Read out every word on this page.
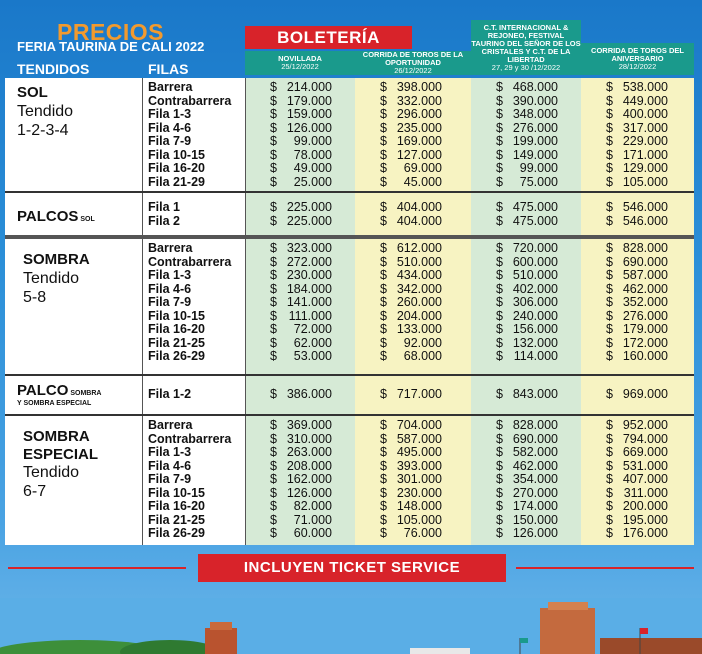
PRECIOS
FERIA TAURINA DE CALI 2022
TENDIDOS	FILAS
BOLETERÍA
NOVILLADA
25/12/2022
CORRIDA DE TOROS DE LA OPORTUNIDAD
26/12/2022
C.T. INTERNACIONAL & REJONEO, FESTIVAL TAURINO DEL SEÑOR DE LOS CRISTALES Y C.T. DE LA LIBERTAD
27, 29 y 30 /12/2022
CORRIDA DE TOROS DEL ANIVERSARIO
28/12/2022
SOL
Tendido
1-2-3-4
Barrera	$ 214.000	$ 398.000	$ 468.000	$ 538.000
Contrabarrera	$ 179.000	$ 332.000	$ 390.000	$ 449.000
Fila 1-3	$ 159.000	$ 296.000	$ 348.000	$ 400.000
Fila 4-6	$ 126.000	$ 235.000	$ 276.000	$ 317.000
Fila 7-9	$ 99.000	$ 169.000	$ 199.000	$ 229.000
Fila 10-15	$ 78.000	$ 127.000	$ 149.000	$ 171.000
Fila 16-20	$ 49.000	$ 69.000	$ 99.000	$ 129.000
Fila 21-29	$ 25.000	$ 45.000	$ 75.000	$ 105.000
PALCOS SOL
Fila 1	$ 225.000	$ 404.000	$ 475.000	$ 546.000
Fila 2	$ 225.000	$ 404.000	$ 475.000	$ 546.000
SOMBRA
Tendido
5-8
Barrera	$ 323.000	$ 612.000	$ 720.000	$ 828.000
Contrabarrera	$ 272.000	$ 510.000	$ 600.000	$ 690.000
Fila 1-3	$ 230.000	$ 434.000	$ 510.000	$ 587.000
Fila 4-6	$ 184.000	$ 342.000	$ 402.000	$ 462.000
Fila 7-9	$ 141.000	$ 260.000	$ 306.000	$ 352.000
Fila 10-15	$ 111.000	$ 204.000	$ 240.000	$ 276.000
Fila 16-20	$ 72.000	$ 133.000	$ 156.000	$ 179.000
Fila 21-25	$ 62.000	$ 92.000	$ 132.000	$ 172.000
Fila 26-29	$ 53.000	$ 68.000	$ 114.000	$ 160.000
PALCO SOMBRA
Y SOMBRA ESPECIAL
Fila 1-2	$ 386.000	$ 717.000	$ 843.000	$ 969.000
SOMBRA
ESPECIAL
Tendido
6-7
Barrera	$ 369.000	$ 704.000	$ 828.000	$ 952.000
Contrabarrera	$ 310.000	$ 587.000	$ 690.000	$ 794.000
Fila 1-3	$ 263.000	$ 495.000	$ 582.000	$ 669.000
Fila 4-6	$ 208.000	$ 393.000	$ 462.000	$ 531.000
Fila 7-9	$ 162.000	$ 301.000	$ 354.000	$ 407.000
Fila 10-15	$ 126.000	$ 230.000	$ 270.000	$ 311.000
Fila 16-20	$ 82.000	$ 148.000	$ 174.000	$ 200.000
Fila 21-25	$ 71.000	$ 105.000	$ 150.000	$ 195.000
Fila 26-29	$ 60.000	$ 76.000	$ 126.000	$ 176.000
INCLUYEN TICKET SERVICE
